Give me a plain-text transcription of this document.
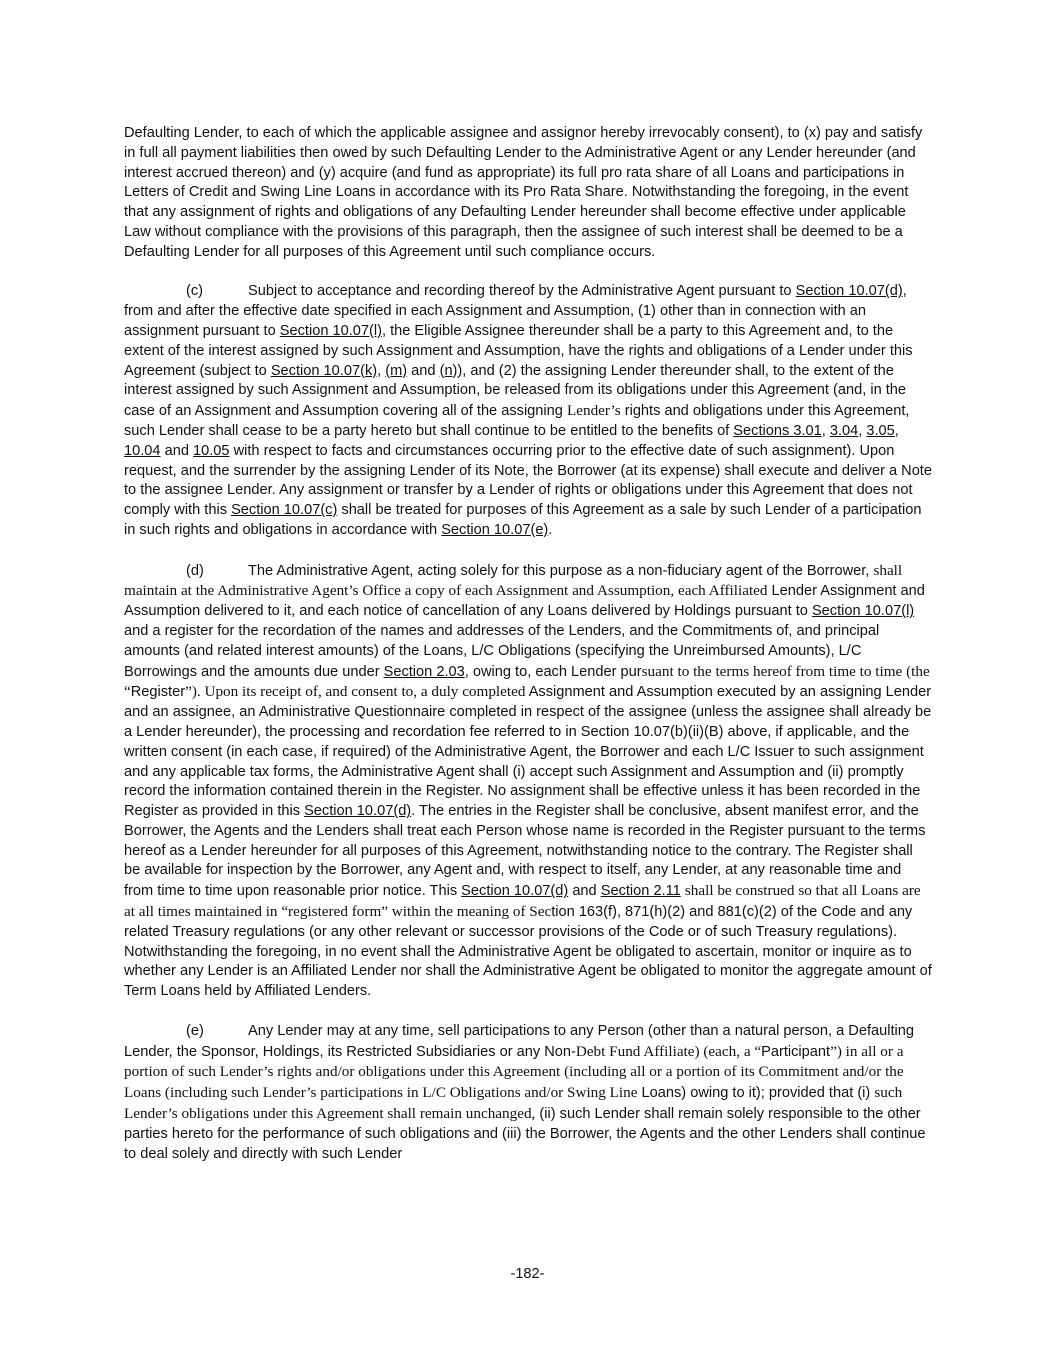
Defaulting Lender, to each of which the applicable assignee and assignor hereby irrevocably consent), to (x) pay and satisfy in full all payment liabilities then owed by such Defaulting Lender to the Administrative Agent or any Lender hereunder (and interest accrued thereon) and (y) acquire (and fund as appropriate) its full pro rata share of all Loans and participations in Letters of Credit and Swing Line Loans in accordance with its Pro Rata Share. Notwithstanding the foregoing, in the event that any assignment of rights and obligations of any Defaulting Lender hereunder shall become effective under applicable Law without compliance with the provisions of this paragraph, then the assignee of such interest shall be deemed to be a Defaulting Lender for all purposes of this Agreement until such compliance occurs.

(c)	Subject to acceptance and recording thereof by the Administrative Agent pursuant to Section 10.07(d), from and after the effective date specified in each Assignment and Assumption, (1) other than in connection with an assignment pursuant to Section 10.07(l), the Eligible Assignee thereunder shall be a party to this Agreement and, to the extent of the interest assigned by such Assignment and Assumption, have the rights and obligations of a Lender under this Agreement (subject to Section 10.07(k), (m) and (n)), and (2) the assigning Lender thereunder shall, to the extent of the interest assigned by such Assignment and Assumption, be released from its obligations under this Agreement (and, in the case of an Assignment and Assumption covering all of the assigning Lender’s rights and obligations under this Agreement, such Lender shall cease to be a party hereto but shall continue to be entitled to the benefits of Sections 3.01, 3.04, 3.05, 10.04 and 10.05 with respect to facts and circumstances occurring prior to the effective date of such assignment). Upon request, and the surrender by the assigning Lender of its Note, the Borrower (at its expense) shall execute and deliver a Note to the assignee Lender. Any assignment or transfer by a Lender of rights or obligations under this Agreement that does not comply with this Section 10.07(c) shall be treated for purposes of this Agreement as a sale by such Lender of a participation in such rights and obligations in accordance with Section 10.07(e).

(d)	The Administrative Agent, acting solely for this purpose as a non-fiduciary agent of the Borrower, shall maintain at the Administrative Agent’s Office a copy of each Assignment and Assumption, each Affiliated Lender Assignment and Assumption delivered to it, and each notice of cancellation of any Loans delivered by Holdings pursuant to Section 10.07(l) and a register for the recordation of the names and addresses of the Lenders, and the Commitments of, and principal amounts (and related interest amounts) of the Loans, L/C Obligations (specifying the Unreimbursed Amounts), L/C Borrowings and the amounts due under Section 2.03, owing to, each Lender pursuant to the terms hereof from time to time (the “Register”). Upon its receipt of, and consent to, a duly completed Assignment and Assumption executed by an assigning Lender and an assignee, an Administrative Questionnaire completed in respect of the assignee (unless the assignee shall already be a Lender hereunder), the processing and recordation fee referred to in Section 10.07(b)(ii)(B) above, if applicable, and the written consent (in each case, if required) of the Administrative Agent, the Borrower and each L/C Issuer to such assignment and any applicable tax forms, the Administrative Agent shall (i) accept such Assignment and Assumption and (ii) promptly record the information contained therein in the Register. No assignment shall be effective unless it has been recorded in the Register as provided in this Section 10.07(d). The entries in the Register shall be conclusive, absent manifest error, and the Borrower, the Agents and the Lenders shall treat each Person whose name is recorded in the Register pursuant to the terms hereof as a Lender hereunder for all purposes of this Agreement, notwithstanding notice to the contrary. The Register shall be available for inspection by the Borrower, any Agent and, with respect to itself, any Lender, at any reasonable time and from time to time upon reasonable prior notice. This Section 10.07(d) and Section 2.11 shall be construed so that all Loans are at all times maintained in “registered form” within the meaning of Section 163(f), 871(h)(2) and 881(c)(2) of the Code and any related Treasury regulations (or any other relevant or successor provisions of the Code or of such Treasury regulations). Notwithstanding the foregoing, in no event shall the Administrative Agent be obligated to ascertain, monitor or inquire as to whether any Lender is an Affiliated Lender nor shall the Administrative Agent be obligated to monitor the aggregate amount of Term Loans held by Affiliated Lenders.

(e)	Any Lender may at any time, sell participations to any Person (other than a natural person, a Defaulting Lender, the Sponsor, Holdings, its Restricted Subsidiaries or any Non-Debt Fund Affiliate) (each, a “Participant”) in all or a portion of such Lender’s rights and/or obligations under this Agreement (including all or a portion of its Commitment and/or the Loans (including such Lender’s participations in L/C Obligations and/or Swing Line Loans) owing to it); provided that (i) such Lender’s obligations under this Agreement shall remain unchanged, (ii) such Lender shall remain solely responsible to the other parties hereto for the performance of such obligations and (iii) the Borrower, the Agents and the other Lenders shall continue to deal solely and directly with such Lender

-182-
